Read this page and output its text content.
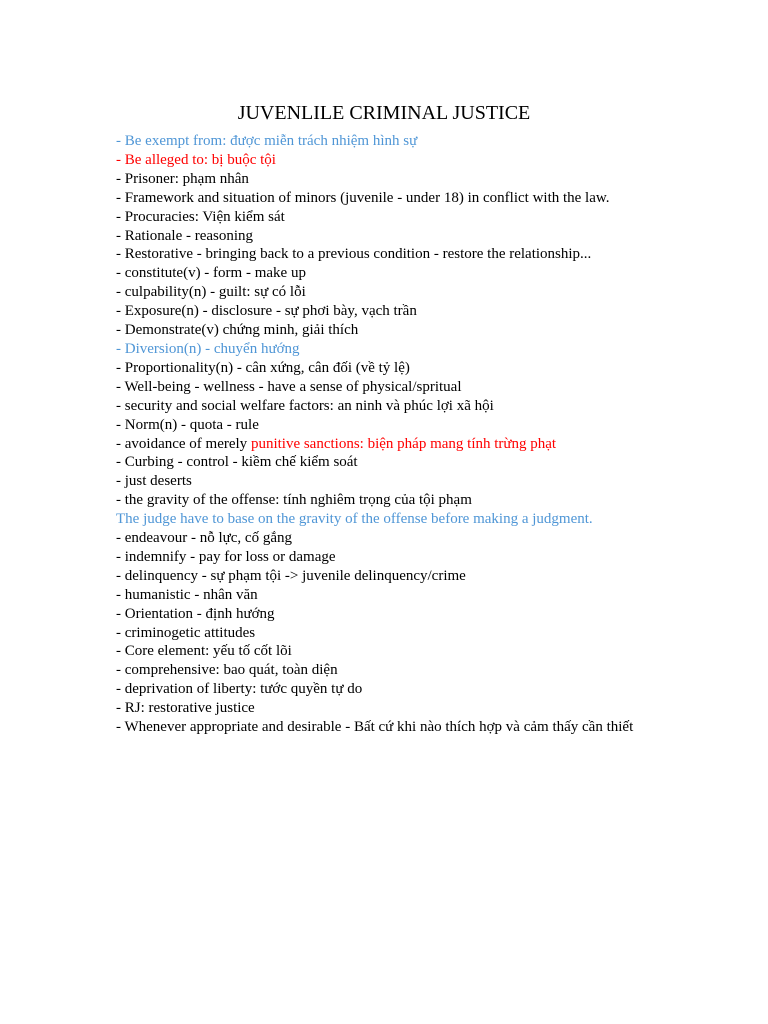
JUVENLILE CRIMINAL JUSTICE

- Be exempt from: được miễn trách nhiệm hình sự

- Be alleged to: bị buộc tội

- Prisoner: phạm nhân

- Framework and situation of minors (juvenile - under 18) in conflict with the law.

- Procuracies: Viện kiểm sát

- Rationale - reasoning

- Restorative - bringing back to a previous condition - restore the relationship...

- constitute(v) - form - make up

- culpability(n) - guilt: sự có lỗi

- Exposure(n) - disclosure - sự phơi bày, vạch trần

- Demonstrate(v) chứng minh, giải thích

- Diversion(n) - chuyển hướng

- Proportionality(n) - cân xứng, cân đối (về tỷ lệ)

- Well-being - wellness - have a sense of physical/spritual

- security and social welfare factors: an ninh và phúc lợi xã hội

- Norm(n) - quota - rule

- avoidance of merely punitive sanctions: biện pháp mang tính trừng phạt

- Curbing - control - kiềm chế kiểm soát

- just deserts

- the gravity of the offense: tính nghiêm trọng của tội phạm

The judge have to base on the gravity of the offense before making a judgment.

- endeavour - nỗ lực, cố gắng

- indemnify - pay for loss or damage

- delinquency - sự phạm tội -> juvenile delinquency/crime

- humanistic - nhân văn

- Orientation - định hướng

- criminogetic attitudes

- Core element: yếu tố cốt lõi

- comprehensive: bao quát, toàn diện

- deprivation of liberty: tước quyền tự do

- RJ: restorative justice

- Whenever appropriate and desirable - Bất cứ khi nào thích hợp và cảm thấy cần thiết
